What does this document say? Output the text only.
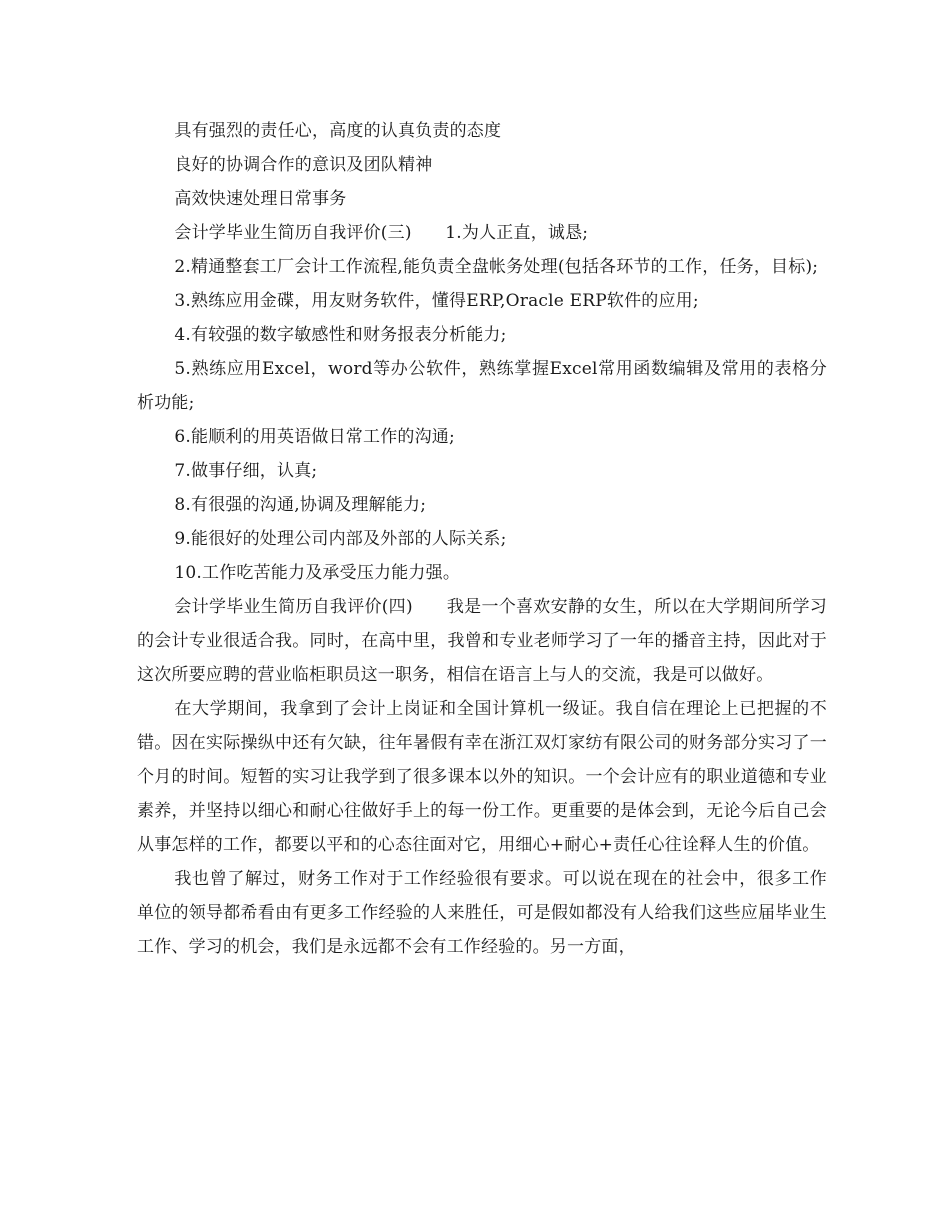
具有强烈的责任心，高度的认真负责的态度

良好的协调合作的意识及团队精神

高效快速处理日常事务

会计学毕业生简历自我评价(三)      1.为人正直，诚恳;

2.精通整套工厂会计工作流程,能负责全盘帐务处理(包括各环节的工作，任务，目标);

3.熟练应用金碟，用友财务软件，懂得ERP,Oracle ERP软件的应用;

4.有较强的数字敏感性和财务报表分析能力;

5.熟练应用Excel，word等办公软件，熟练掌握Excel常用函数编辑及常用的表格分析功能;

6.能顺利的用英语做日常工作的沟通;

7.做事仔细，认真;

8.有很强的沟通,协调及理解能力;

9.能很好的处理公司内部及外部的人际关系;

10.工作吃苦能力及承受压力能力强。

会计学毕业生简历自我评价(四)      我是一个喜欢安静的女生，所以在大学期间所学习的会计专业很适合我。同时，在高中里，我曾和专业老师学习了一年的播音主持，因此对于这次所要应聘的营业临柜职员这一职务，相信在语言上与人的交流，我是可以做好。

在大学期间，我拿到了会计上岗证和全国计算机一级证。我自信在理论上已把握的不错。因在实际操纵中还有欠缺，往年暑假有幸在浙江双灯家纺有限公司的财务部分实习了一个月的时间。短暂的实习让我学到了很多课本以外的知识。一个会计应有的职业道德和专业素养，并坚持以细心和耐心往做好手上的每一份工作。更重要的是体会到，无论今后自己会从事怎样的工作，都要以平和的心态往面对它，用细心+耐心+责任心往诠释人生的价值。

我也曾了解过，财务工作对于工作经验很有要求。可以说在现在的社会中，很多工作单位的领导都希看由有更多工作经验的人来胜任，可是假如都没有人给我们这些应届毕业生工作、学习的机会，我们是永远都不会有工作经验的。另一方面，
